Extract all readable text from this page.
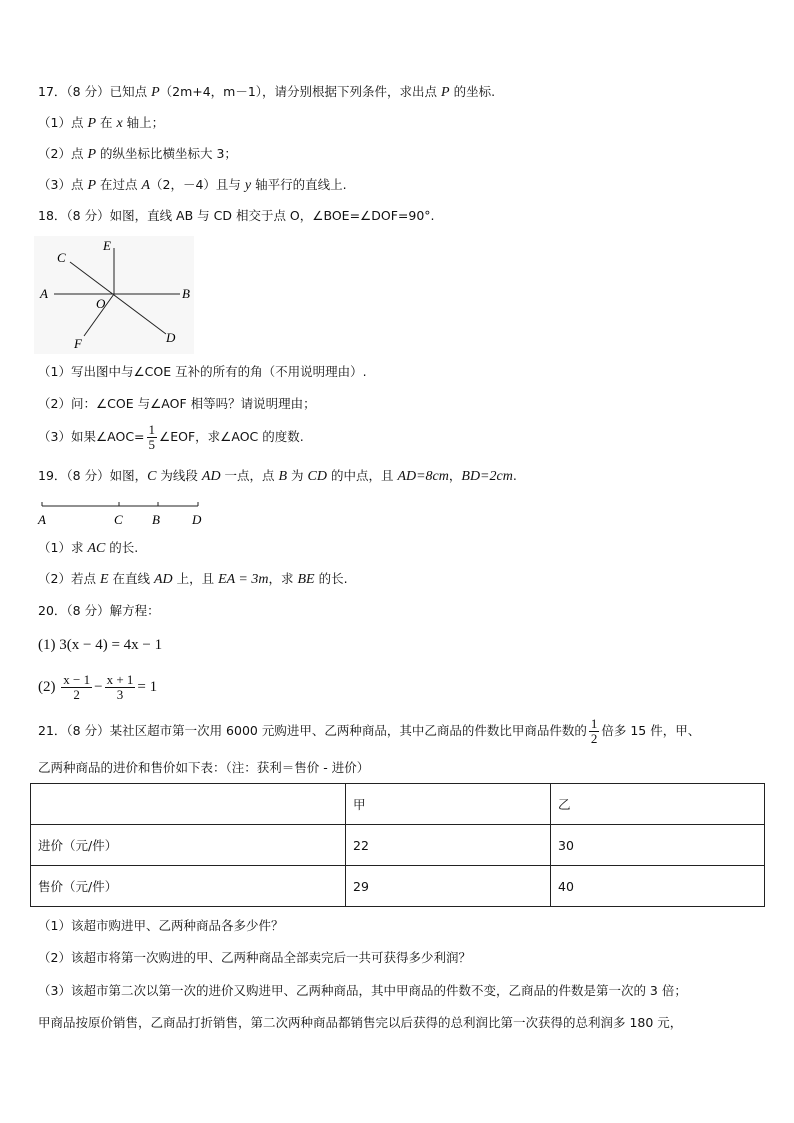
17．（8 分）已知点 P（2m+4，m－1），请分别根据下列条件，求出点 P 的坐标.
（1）点 P 在 x 轴上；
（2）点 P 的纵坐标比横坐标大 3；
（3）点 P 在过点 A（2，－4）且与 y 轴平行的直线上.
18．（8 分）如图，直线 AB 与 CD 相交于点 O，∠BOE=∠DOF=90°.
A	B
C
D
E
F
O
（1）写出图中与∠COE 互补的所有的角（不用说明理由）.
（2）问：∠COE 与∠AOF 相等吗？请说明理由；
（3）如果∠AOC= $\frac{1}{5}$ ∠EOF，求∠AOC 的度数.
19．（8 分）如图，C 为线段 AD 一点，点 B 为 CD 的中点，且 AD=8cm，BD=2cm.
A	C B D
（1）求 AC 的长.
（2）若点 E 在直线 AD 上，且 EA = 3m，求 BE 的长.
20．（8 分）解方程：
(1) 3(x − 4) = 4x − 1
$(2) \frac{x - 1}{2} - \frac{x + 1}{3} = 1$
21．（8 分）某社区超市第一次用 6000 元购进甲、乙两种商品，其中乙商品的件数比甲商品件数的 $\frac{1}{2}$ 倍多 15 件，甲、
乙两种商品的进价和售价如下表：（注：获利＝售价 - 进价）
	甲	乙
进价（元/件）	22	30
售价（元/件）	29	40
（1）该超市购进甲、乙两种商品各多少件？
（2）该超市将第一次购进的甲、乙两种商品全部卖完后一共可获得多少利润？
（3）该超市第二次以第一次的进价又购进甲、乙两种商品，其中甲商品的件数不变，乙商品的件数是第一次的 3 倍；
甲商品按原价销售，乙商品打折销售，第二次两种商品都销售完以后获得的总利润比第一次获得的总利润多 180 元，
